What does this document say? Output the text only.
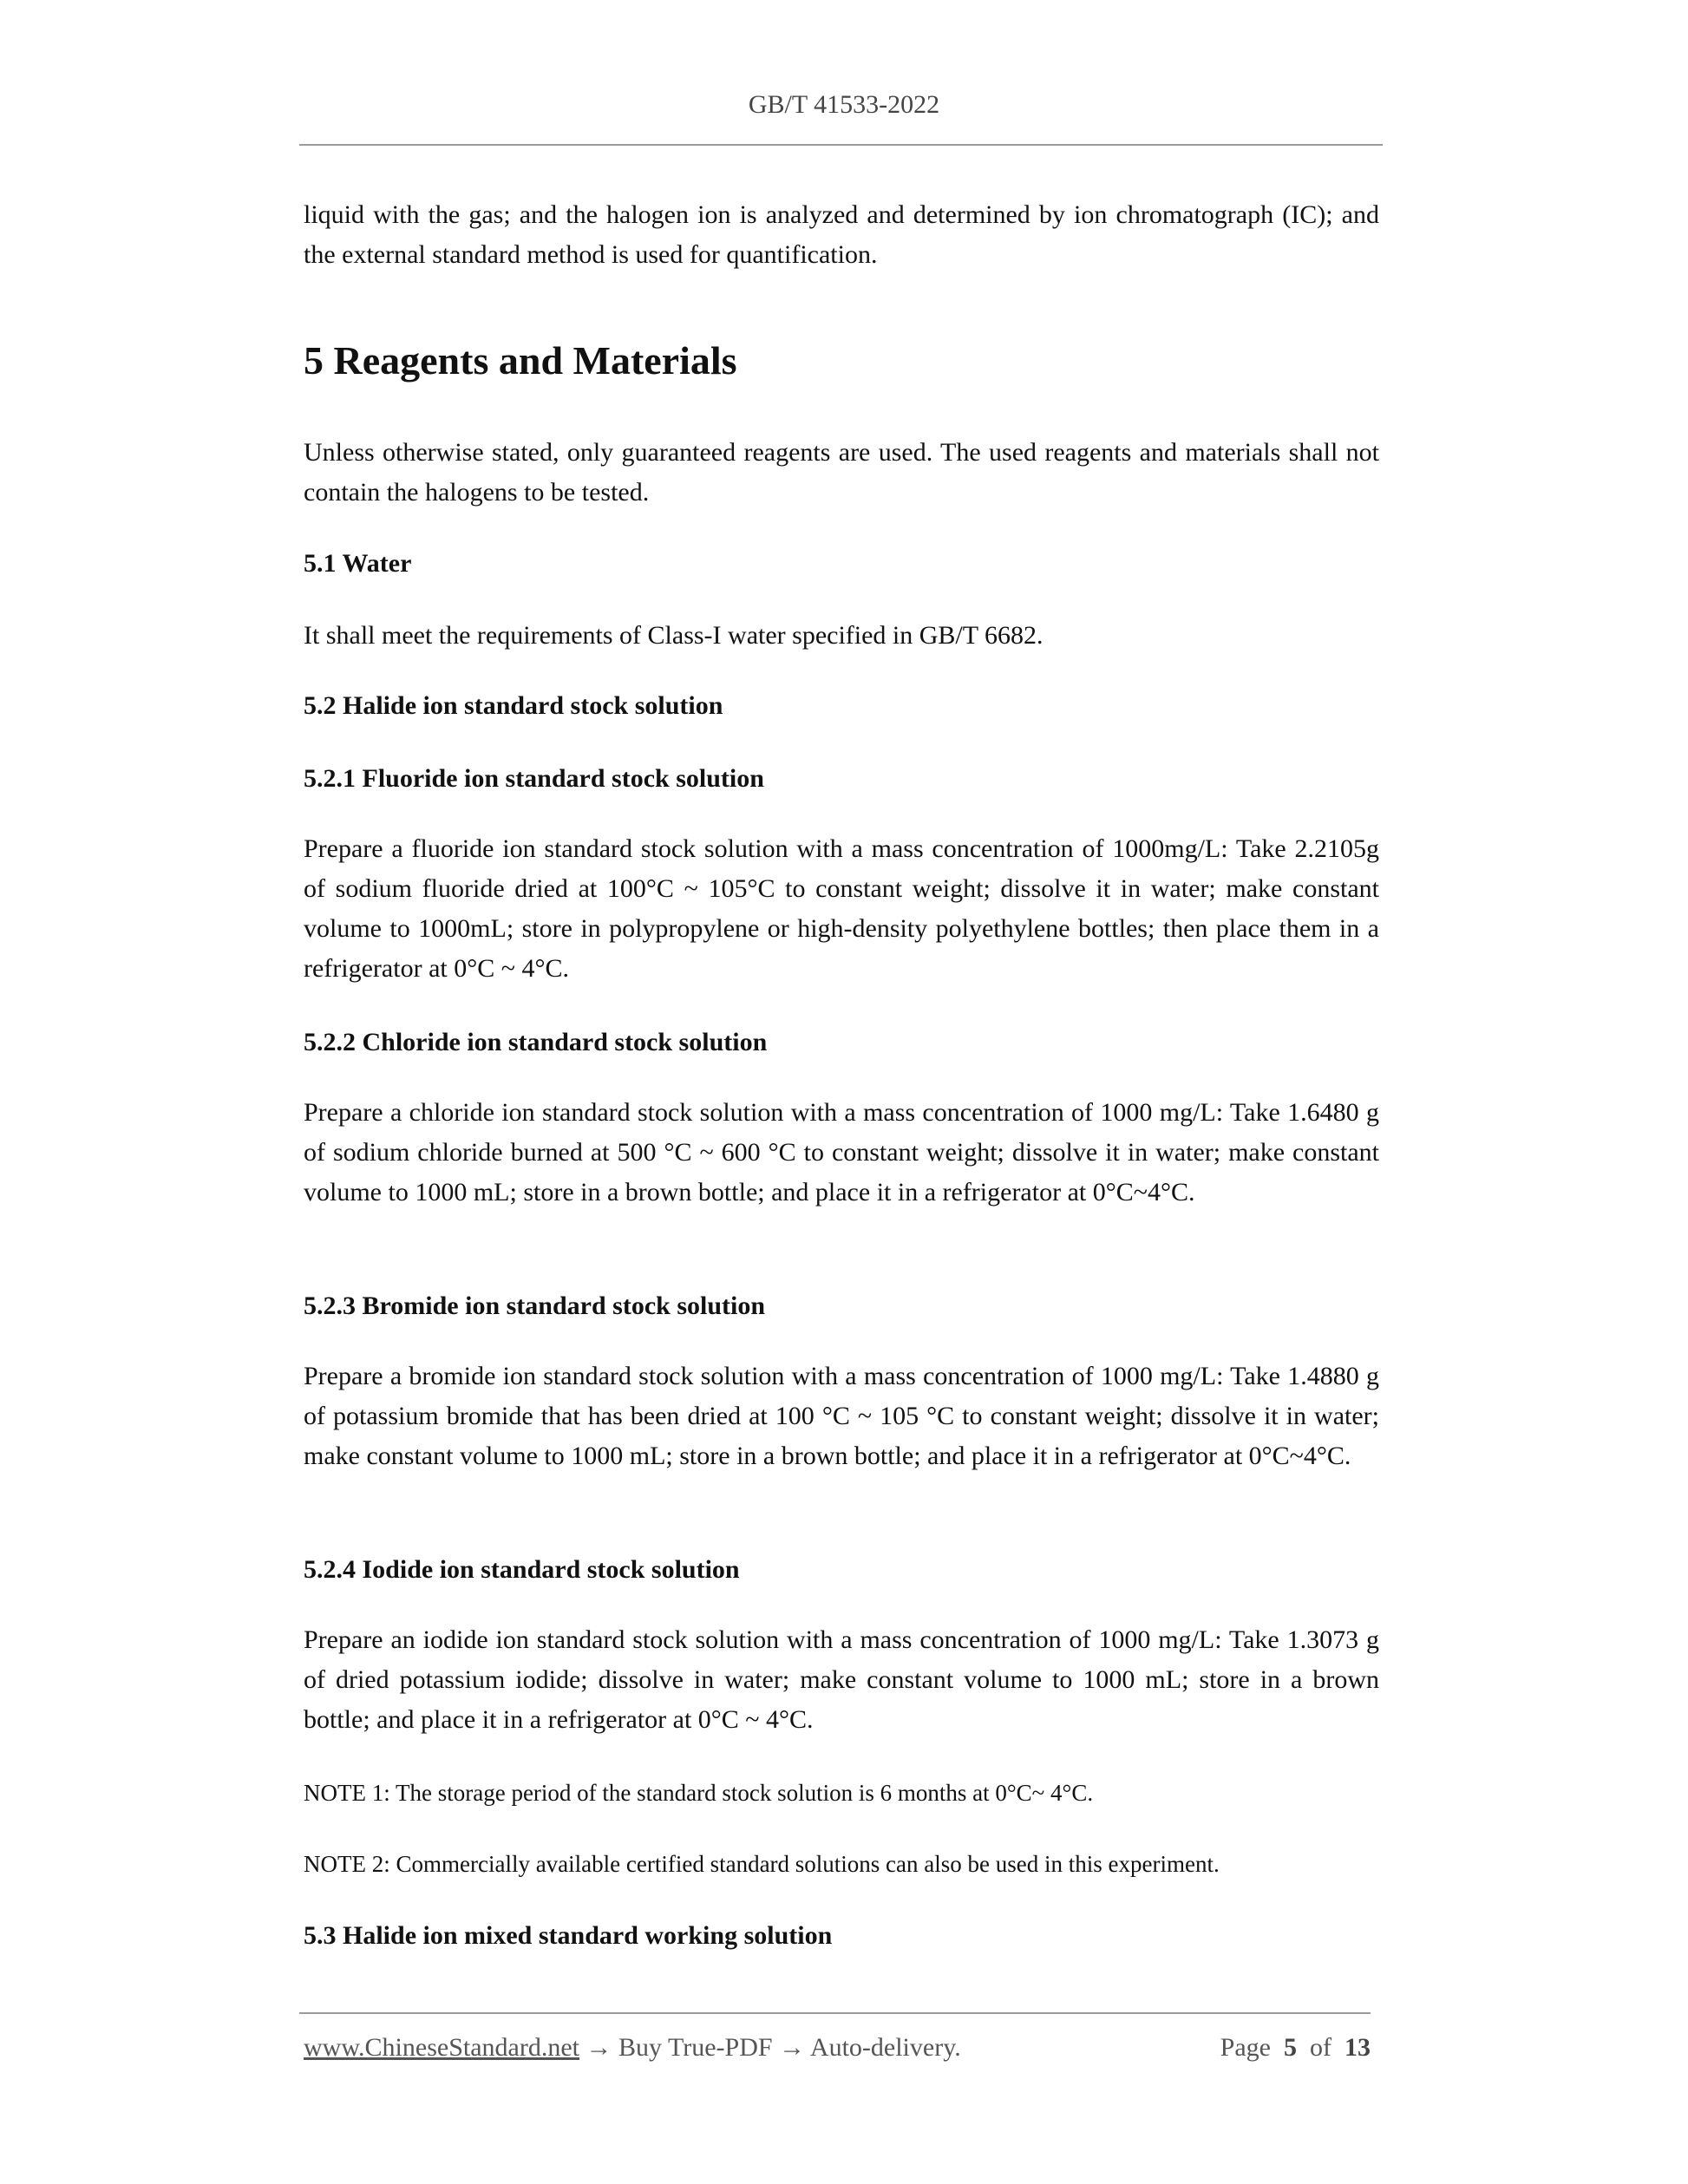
GB/T 41533-2022

liquid with the gas; and the halogen ion is analyzed and determined by ion chromatograph (IC); and the external standard method is used for quantification.

5 Reagents and Materials

Unless otherwise stated, only guaranteed reagents are used. The used reagents and materials shall not contain the halogens to be tested.

5.1 Water

It shall meet the requirements of Class-I water specified in GB/T 6682.

5.2 Halide ion standard stock solution
5.2.1 Fluoride ion standard stock solution

Prepare a fluoride ion standard stock solution with a mass concentration of 1000mg/L: Take 2.2105g of sodium fluoride dried at 100°C ~ 105°C to constant weight; dissolve it in water; make constant volume to 1000mL; store in polypropylene or high-density polyethylene bottles; then place them in a refrigerator at 0°C ~ 4°C.

5.2.2 Chloride ion standard stock solution

Prepare a chloride ion standard stock solution with a mass concentration of 1000 mg/L: Take 1.6480 g of sodium chloride burned at 500 °C ~ 600 °C to constant weight; dissolve it in water; make constant volume to 1000 mL; store in a brown bottle; and place it in a refrigerator at 0°C~4°C.

5.2.3 Bromide ion standard stock solution

Prepare a bromide ion standard stock solution with a mass concentration of 1000 mg/L: Take 1.4880 g of potassium bromide that has been dried at 100 °C ~ 105 °C to constant weight; dissolve it in water; make constant volume to 1000 mL; store in a brown bottle; and place it in a refrigerator at 0°C~4°C.

5.2.4 Iodide ion standard stock solution

Prepare an iodide ion standard stock solution with a mass concentration of 1000 mg/L: Take 1.3073 g of dried potassium iodide; dissolve in water; make constant volume to 1000 mL; store in a brown bottle; and place it in a refrigerator at 0°C ~ 4°C.

NOTE 1: The storage period of the standard stock solution is 6 months at 0°C~ 4°C.

NOTE 2: Commercially available certified standard solutions can also be used in this experiment.

5.3 Halide ion mixed standard working solution
www.ChineseStandard.net → Buy True-PDF → Auto-delivery.	Page 5 of 13
